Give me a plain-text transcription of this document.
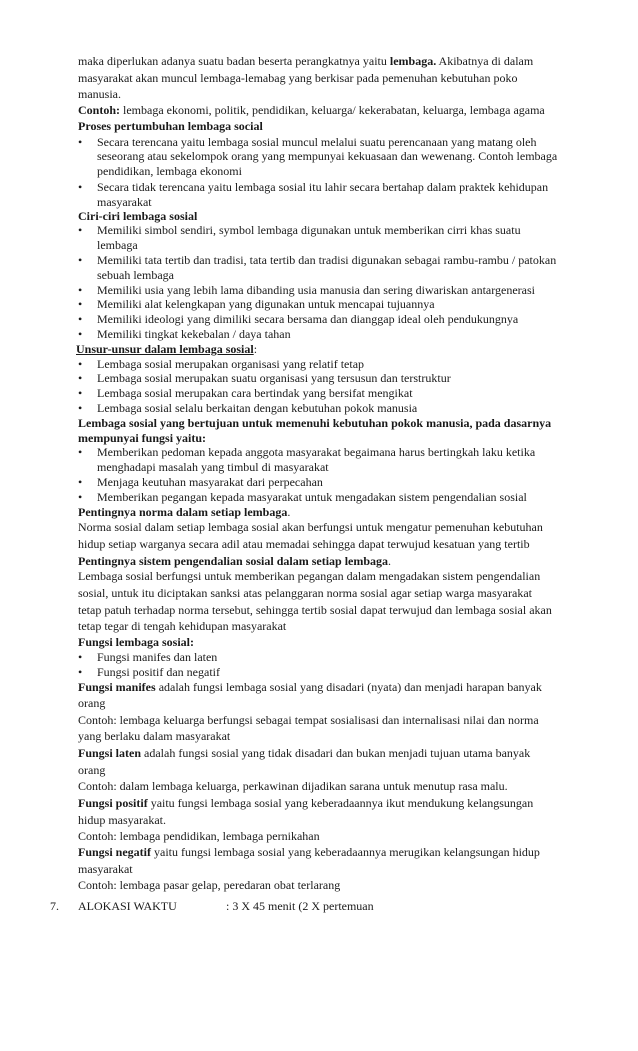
maka diperlukan adanya suatu badan beserta perangkatnya yaitu lembaga. Akibatnya di dalam
masyarakat akan muncul lembaga-lemabag yang berkisar pada pemenuhan kebutuhan poko
manusia.
Contoh: lembaga ekonomi, politik, pendidikan, keluarga/ kekerabatan, keluarga, lembaga agama
Proses pertumbuhan lembaga social
• Secara terencana yaitu lembaga sosial muncul melalui suatu perencanaan yang matang oleh
seseorang atau sekelompok orang yang mempunyai kekuasaan dan wewenang. Contoh lembaga
pendidikan, lembaga ekonomi
• Secara tidak terencana yaitu lembaga sosial itu lahir secara bertahap dalam praktek kehidupan
masyarakat
Ciri-ciri lembaga sosial
• Memiliki simbol sendiri, symbol lembaga digunakan untuk memberikan cirri khas suatu
lembaga
• Memiliki tata tertib dan tradisi, tata tertib dan tradisi digunakan sebagai rambu-rambu / patokan
sebuah lembaga
• Memiliki usia yang lebih lama dibanding usia manusia dan sering diwariskan antargenerasi
• Memiliki alat kelengkapan yang digunakan untuk mencapai tujuannya
• Memiliki ideologi yang dimiliki secara bersama dan dianggap ideal oleh pendukungnya
• Memiliki tingkat kekebalan / daya tahan
Unsur-unsur dalam lembaga sosial:
• Lembaga sosial merupakan organisasi yang relatif tetap
• Lembaga sosial merupakan suatu organisasi yang tersusun dan terstruktur
• Lembaga sosial merupakan cara bertindak yang bersifat mengikat
• Lembaga sosial selalu berkaitan dengan kebutuhan pokok manusia
Lembaga sosial yang bertujuan untuk memenuhi kebutuhan pokok manusia, pada dasarnya
mempunyai fungsi yaitu:
• Memberikan pedoman kepada anggota masyarakat begaimana harus bertingkah laku ketika
menghadapi masalah yang timbul di masyarakat
• Menjaga keutuhan masyarakat dari perpecahan
• Memberikan pegangan kepada masyarakat untuk mengadakan sistem pengendalian sosial
Pentingnya norma dalam setiap lembaga.
Norma sosial dalam setiap lembaga sosial akan berfungsi untuk mengatur pemenuhan kebutuhan
hidup setiap warganya secara adil atau memadai sehingga dapat terwujud kesatuan yang tertib
Pentingnya sistem pengendalian sosial dalam setiap lembaga.
Lembaga sosial berfungsi untuk memberikan pegangan dalam mengadakan sistem pengendalian
sosial, untuk itu diciptakan sanksi atas pelanggaran norma sosial agar setiap warga masyarakat
tetap patuh terhadap norma tersebut, sehingga tertib sosial dapat terwujud dan lembaga sosial akan
tetap tegar di tengah kehidupan masyarakat
Fungsi lembaga sosial:
• Fungsi manifes dan laten
• Fungsi positif dan negatif
Fungsi manifes adalah fungsi lembaga sosial yang disadari (nyata) dan menjadi harapan banyak
orang
Contoh: lembaga keluarga berfungsi sebagai tempat sosialisasi dan internalisasi nilai dan norma
yang berlaku dalam masyarakat
Fungsi laten adalah fungsi sosial yang tidak disadari dan bukan menjadi tujuan utama banyak
orang
Contoh: dalam lembaga keluarga, perkawinan dijadikan sarana untuk menutup rasa malu.
Fungsi positif yaitu fungsi lembaga sosial yang keberadaannya ikut mendukung kelangsungan
hidup masyarakat.
Contoh: lembaga pendidikan, lembaga pernikahan
Fungsi negatif yaitu fungsi lembaga sosial yang keberadaannya merugikan kelangsungan hidup
masyarakat
Contoh: lembaga pasar gelap, peredaran obat terlarang
7. ALOKASI WAKTU	: 3 X 45 menit (2 X pertemuan
